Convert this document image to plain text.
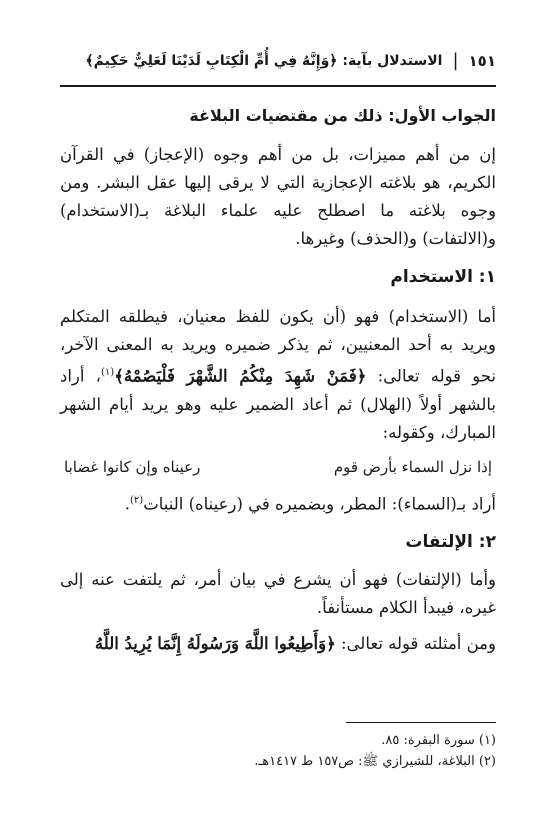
١٥١
|
الاستدلال بآية: ﴿وَإِنَّهُ فِي أُمِّ الْكِتَابِ لَدَيْنَا لَعَلِيٌّ حَكِيمٌ﴾

الجواب الأول: ذلك من مقتضيات البلاغة

إن من أهم مميزات، بل من أهم وجوه (الإعجاز) في القرآن الكريم، هو بلاغته الإعجازية التي لا يرقى إليها عقل البشر. ومن وجوه بلاغته ما اصطلح عليه علماء البلاغة بـ(الاستخدام) و(الالتفات) و(الحذف) وغيرها.

١: الاستخدام

أما (الاستخدام) فهو (أن يكون للفظ معنيان، فيطلقه المتكلم ويريد به أحد المعنيين، ثم يذكر ضميره ويريد به المعنى الآخر، نحو قوله تعالى: ﴿فَمَنْ شَهِدَ مِنْكُمُ الشَّهْرَ فَلْيَصُمْهُ﴾$^{(١)}$، أراد بالشهر أولاً (الهلال) ثم أعاد الضمير عليه وهو يريد أيام الشهر المبارك، وكقوله:

إذا نزل السماء بأرض قوم
رعيناه وإن كانوا غضابا

أراد بـ(السماء): المطر، وبضميره في (رعيناه) النبات$^{(٢)}$.

٢: الإلتفات

وأما (الإلتفات) فهو أن يشرع في بيان أمر، ثم يلتفت عنه إلى غيره، فيبدأ الكلام مستأنفاً.

ومن أمثلته قوله تعالى: ﴿وَأَطِيعُوا اللَّهَ وَرَسُولَهُ إِنَّمَا يُرِيدُ اللَّهُ

(١) سورة البقرة: ٨٥.

(٢) البلاغة، للشيرازي ﷺ: ص١٥٧ ط ١٤١٧هـ.
